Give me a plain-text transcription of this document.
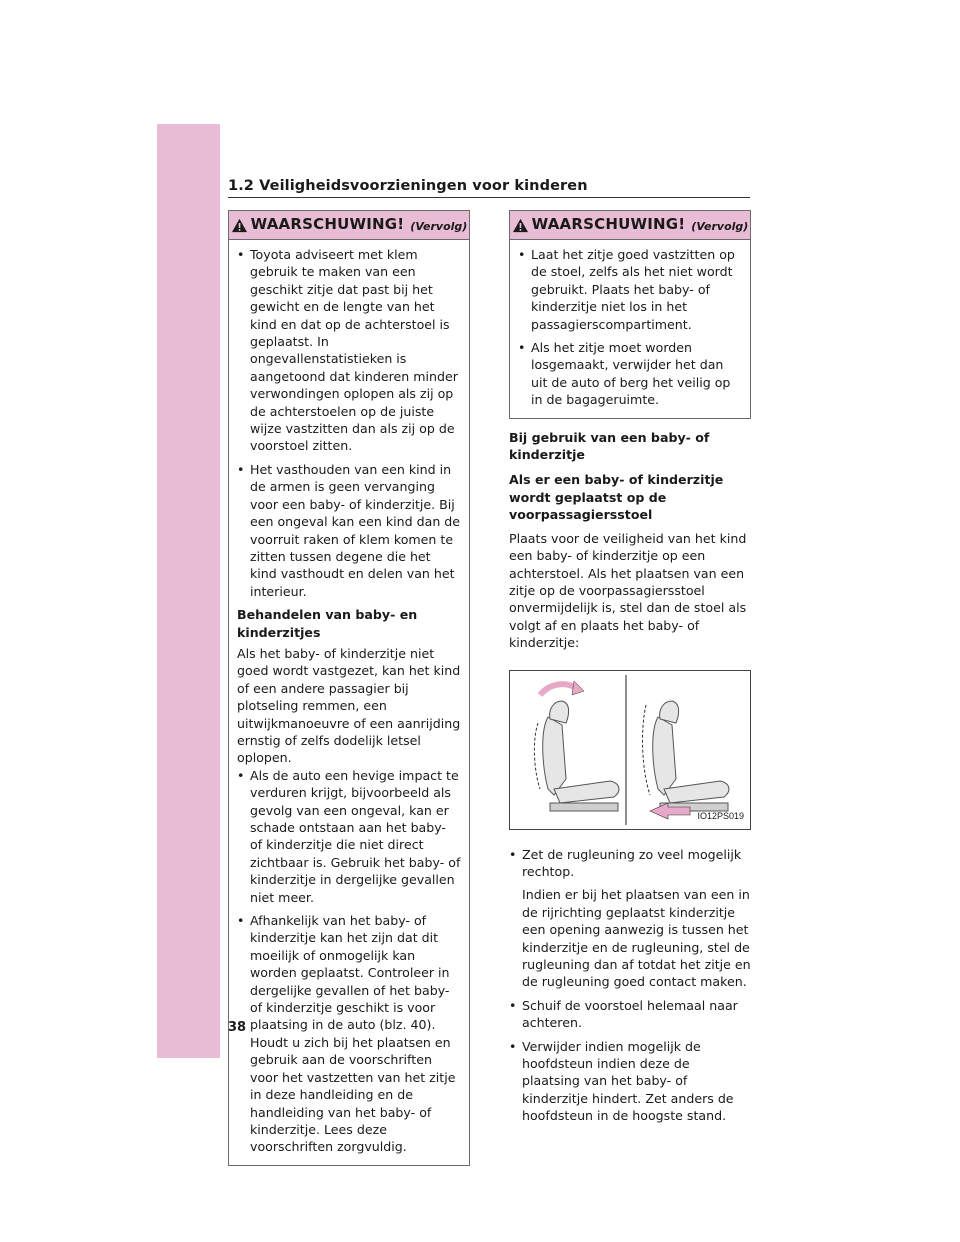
1.2 Veiligheidsvoorzieningen voor kinderen
WAARSCHUWING! (Vervolg)
• Toyota adviseert met klem gebruik te maken van een geschikt zitje dat past bij het gewicht en de lengte van het kind en dat op de achterstoel is geplaatst. In ongevallenstatistieken is aangetoond dat kinderen minder verwondingen oplopen als zij op de achterstoelen op de juiste wijze vastzitten dan als zij op de voorstoel zitten.
• Het vasthouden van een kind in de armen is geen vervanging voor een baby- of kinderzitje. Bij een ongeval kan een kind dan de voorruit raken of klem komen te zitten tussen degene die het kind vasthoudt en delen van het interieur.
Behandelen van baby- en kinderzitjes
Als het baby- of kinderzitje niet goed wordt vastgezet, kan het kind of een andere passagier bij plotseling remmen, een uitwijkmanoeuvre of een aanrijding ernstig of zelfs dodelijk letsel oplopen.
• Als de auto een hevige impact te verduren krijgt, bijvoorbeeld als gevolg van een ongeval, kan er schade ontstaan aan het baby- of kinderzitje die niet direct zichtbaar is. Gebruik het baby- of kinderzitje in dergelijke gevallen niet meer.
• Afhankelijk van het baby- of kinderzitje kan het zijn dat dit moeilijk of onmogelijk kan worden geplaatst. Controleer in dergelijke gevallen of het baby- of kinderzitje geschikt is voor plaatsing in de auto (blz. 40). Houdt u zich bij het plaatsen en gebruik aan de voorschriften voor het vastzetten van het zitje in deze handleiding en de handleiding van het baby- of kinderzitje. Lees deze voorschriften zorgvuldig.
WAARSCHUWING! (Vervolg)
• Laat het zitje goed vastzitten op de stoel, zelfs als het niet wordt gebruikt. Plaats het baby- of kinderzitje niet los in het passagierscompartiment.
• Als het zitje moet worden losgemaakt, verwijder het dan uit de auto of berg het veilig op in de bagageruimte.
Bij gebruik van een baby- of kinderzitje
Als er een baby- of kinderzitje wordt geplaatst op de voorpassagiersstoel
Plaats voor de veiligheid van het kind een baby- of kinderzitje op een achterstoel. Als het plaatsen van een zitje op de voorpassagiersstoel onvermijdelijk is, stel dan de stoel als volgt af en plaats het baby- of kinderzitje:
IO12PS019
• Zet de rugleuning zo veel mogelijk rechtop.
Indien er bij het plaatsen van een in de rijrichting geplaatst kinderzitje een opening aanwezig is tussen het kinderzitje en de rugleuning, stel de rugleuning dan af totdat het zitje en de rugleuning goed contact maken.
• Schuif de voorstoel helemaal naar achteren.
• Verwijder indien mogelijk de hoofdsteun indien deze de plaatsing van het baby- of kinderzitje hindert. Zet anders de hoofdsteun in de hoogste stand.
38
